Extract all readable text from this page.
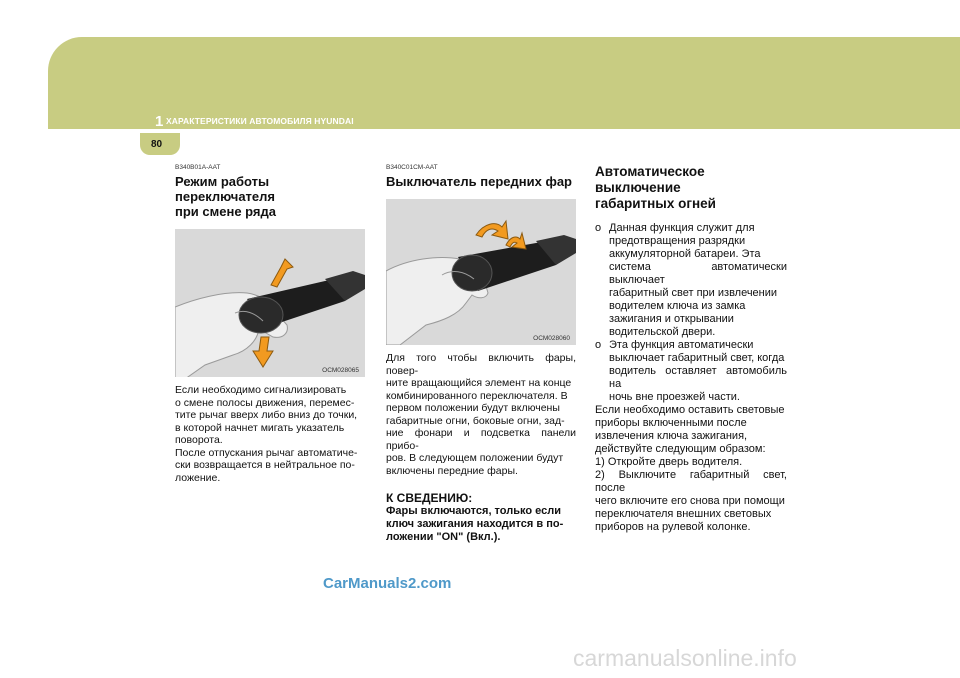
1 ХАРАКТЕРИСТИКИ АВТОМОБИЛЯ HYUNDAI
80
B340B01A-AAT
Режим работы переключателя
при смене ряда
OCM028065
Если необходимо сигнализировать
о смене полосы движения, перемес-
тите рычаг вверх либо вниз до точки,
в которой начнет мигать указатель
поворота.
После отпускания рычаг автоматиче-
ски возвращается в нейтральное по-
ложение.
B340C01CM-AAT
Выключатель передних фар
OCM028060
Для того чтобы включить фары, повер-
ните вращающийся элемент на конце
комбинированного переключателя. В
первом положении будут включены
габаритные огни, боковые огни, зад-
ние фонари и подсветка панели прибо-
ров. В следующем положении будут
включены передние фары.
К СВЕДЕНИЮ:
Фары включаются, только если
ключ зажигания находится в по-
ложении "ON" (Вкл.).
Автоматическое выключение
габаритных огней
o Данная функция служит для
предотвращения разрядки
аккумуляторной батареи. Эта
система автоматически выключает
габаритный свет при извлечении
водителем ключа из замка
зажигания и открывании
водительской двери.
o Эта функция автоматически
выключает габаритный свет, когда
водитель оставляет автомобиль на
ночь вне проезжей части.
Если необходимо оставить световые
приборы включенными после
извлечения ключа зажигания,
действуйте следующим образом:
1) Откройте дверь водителя.
2) Выключите габаритный свет, после
чего включите его снова при помощи
переключателя внешних световых
приборов на рулевой колонке.
CarManuals2.com
carmanualsonline.info
